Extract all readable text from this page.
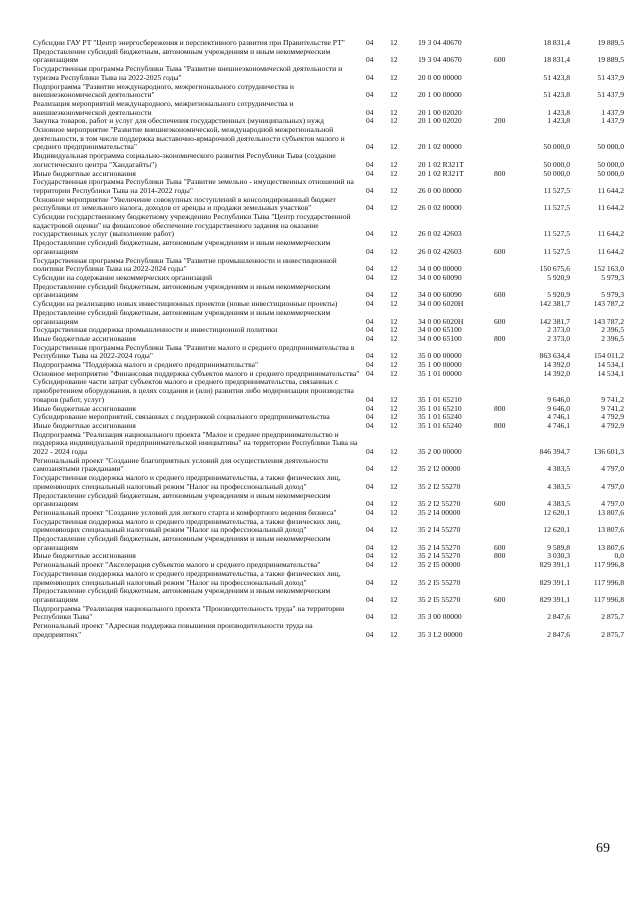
Субсидии ГАУ РТ "Центр энергосбережения и перспективного развития при Правительстве РТ"	04	12	19 3 04 40670		18 831,4	19 889,5
Предоставление субсидий бюджетным, автономным учреждениям и иным некоммерческим организациям	04	12	19 3 04 40670	600	18 831,4	19 889,5
Государственная программа Республики Тыва "Развитие внешнеэкономической деятельности и туризма Республики Тыва на 2022-2025 годы"	04	12	20 0 00 00000		51 423,8	51 437,9
Подпрограмма "Развитие международного, межрегионального сотрудничества и внешнеэкономической деятельности"	04	12	20 1 00 00000		51 423,8	51 437,9
Реализация мероприятий международного, межрегионального сотрудничества и внешнеэкономической деятельности	04	12	20 1 00 02020		1 423,8	1 437,9
Закупка товаров, работ и услуг для обеспечения государственных (муниципальных) нужд	04	12	20 1 00 02020	200	1 423,8	1 437,9
Основное мероприятие "Развитие внешнеэкономической, международной межрегиональной деятельности, в том числе поддержка выставочно-ярмарочной деятельности субъектов малого и среднего предпринимательства"	04	12	20 1 02 00000		50 000,0	50 000,0
Индивидуальная программа социально-экономического развития Республики Тыва (создание логистического центра "Хандагайты")	04	12	20 1 02 R321T		50 000,0	50 000,0
Иные бюджетные ассигнования	04	12	20 1 02 R321T	800	50 000,0	50 000,0
Государственная программа Республики Тыва "Развитие земельно - имущественных отношений на территории Республики Тыва на 2014-2022 годы"	04	12	26 0 00 00000		11 527,5	11 644,2
Основное мероприятие "Увеличение совокупных поступлений в консолидированный бюджет республики от земельного налога, доходов от аренды и продажи земельных участков"	04	12	26 0 02 00000		11 527,5	11 644,2
Субсидии государственному бюджетному учреждению Республики Тыва "Центр государственной кадастровой оценки" на финансовое обеспечение государственного задания на оказание государственных услуг (выполнение работ)	04	12	26 0 02 42603		11 527,5	11 644,2
Предоставление субсидий бюджетным, автономным учреждениям и иным некоммерческим организациям	04	12	26 0 02 42603	600	11 527,5	11 644,2
Государственная программа Республики Тыва "Развитие промышленности и инвестиционной политики Республики Тыва на 2022-2024 годы"	04	12	34 0 00 00000		150 675,6	152 163,0
Субсидии на содержание некоммерческих организаций	04	12	34 0 00 60090		5 920,9	5 979,3
Предоставление субсидий бюджетным, автономным учреждениям и иным некоммерческим организациям	04	12	34 0 00 60090	600	5 920,9	5 979,3
Субсидии на реализацию новых инвестиционных проектов (новые инвестиционные проекты)	04	12	34 0 00 6020H		142 381,7	143 787,2
Предоставление субсидий бюджетным, автономным учреждениям и иным некоммерческим организациям	04	12	34 0 00 6020H	600	142 381,7	143 787,2
Государственная поддержка промышленности и инвестиционной политики	04	12	34 0 00 65100		2 373,0	2 396,5
Иные бюджетные ассигнования	04	12	34 0 00 65100	800	2 373,0	2 396,5
Государственная программа Республики Тыва "Развитие малого и среднего предпринимательства в Республике Тыва на 2022-2024 годы"	04	12	35 0 00 00000		863 634,4	154 011,2
Подпрограмма "Поддержка малого и среднего предпринимательства"	04	12	35 1 00 00000		14 392,0	14 534,1
Основное мероприятие "Финансовая поддержка субъектов малого и среднего предпринимательства"	04	12	35 1 01 00000		14 392,0	14 534,1
Субсидирование части затрат субъектов малого и среднего предпринимательства, связанных с приобретением оборудования, в целях создания и (или) развития либо модернизации производства товаров (работ, услуг)	04	12	35 1 01 65210		9 646,0	9 741,2
Иные бюджетные ассигнования	04	12	35 1 01 65210	800	9 646,0	9 741,2
Субсидирование мероприятий, связанных с поддержкой социального предпринимательства	04	12	35 1 01 65240		4 746,1	4 792,9
Иные бюджетные ассигнования	04	12	35 1 01 65240	800	4 746,1	4 792,9
Подпрограмма "Реализация национального проекта "Малое и среднее предпринимательство и поддержка индивидуальной предпринимательской инициативы" на территории Республики Тыва на 2022 - 2024 годы	04	12	35 2 00 00000		846 394,7	136 601,3
Региональный проект "Создание благоприятных условий для осуществления деятельности самозанятыми гражданами"	04	12	35 2 I2 00000		4 383,5	4 797,0
Государственная поддержка малого и среднего предпринимательства, а также физических лиц, применяющих специальный налоговый режим "Налог на профессиональный доход"	04	12	35 2 I2 55270		4 383,5	4 797,0
Предоставление субсидий бюджетным, автономным учреждениям и иным некоммерческим организациям	04	12	35 2 I2 55270	600	4 383,5	4 797,0
Региональный проект "Создание условий для легкого старта и комфортного ведения бизнеса"	04	12	35 2 I4 00000		12 620,1	13 807,6
Государственная поддержка малого и среднего предпринимательства, а также физических лиц, применяющих специальный налоговый режим "Налог на профессиональный доход"	04	12	35 2 I4 55270		12 620,1	13 807,6
Предоставление субсидий бюджетным, автономным учреждениям и иным некоммерческим организациям	04	12	35 2 I4 55270	600	9 589,8	13 807,6
Иные бюджетные ассигнования	04	12	35 2 I4 55270	800	3 030,3	0,0
Региональный проект "Акселерация субъектов малого и среднего предпринимательства"	04	12	35 2 I5 00000		829 391,1	117 996,8
Государственная поддержка малого и среднего предпринимательства, а также физических лиц, применяющих специальный налоговый режим "Налог на профессиональный доход"	04	12	35 2 I5 55270		829 391,1	117 996,8
Предоставление субсидий бюджетным, автономным учреждениям и иным некоммерческим организациям	04	12	35 2 I5 55270	600	829 391,1	117 996,8
Подпрограмма "Реализация национального проекта "Производительность труда" на территории Республики Тыва"	04	12	35 3 00 00000		2 847,6	2 875,7
Региональный проект "Адресная поддержка повышения производительности труда на предприятиях"	04	12	35 3 L2 00000		2 847,6	2 875,7
69
